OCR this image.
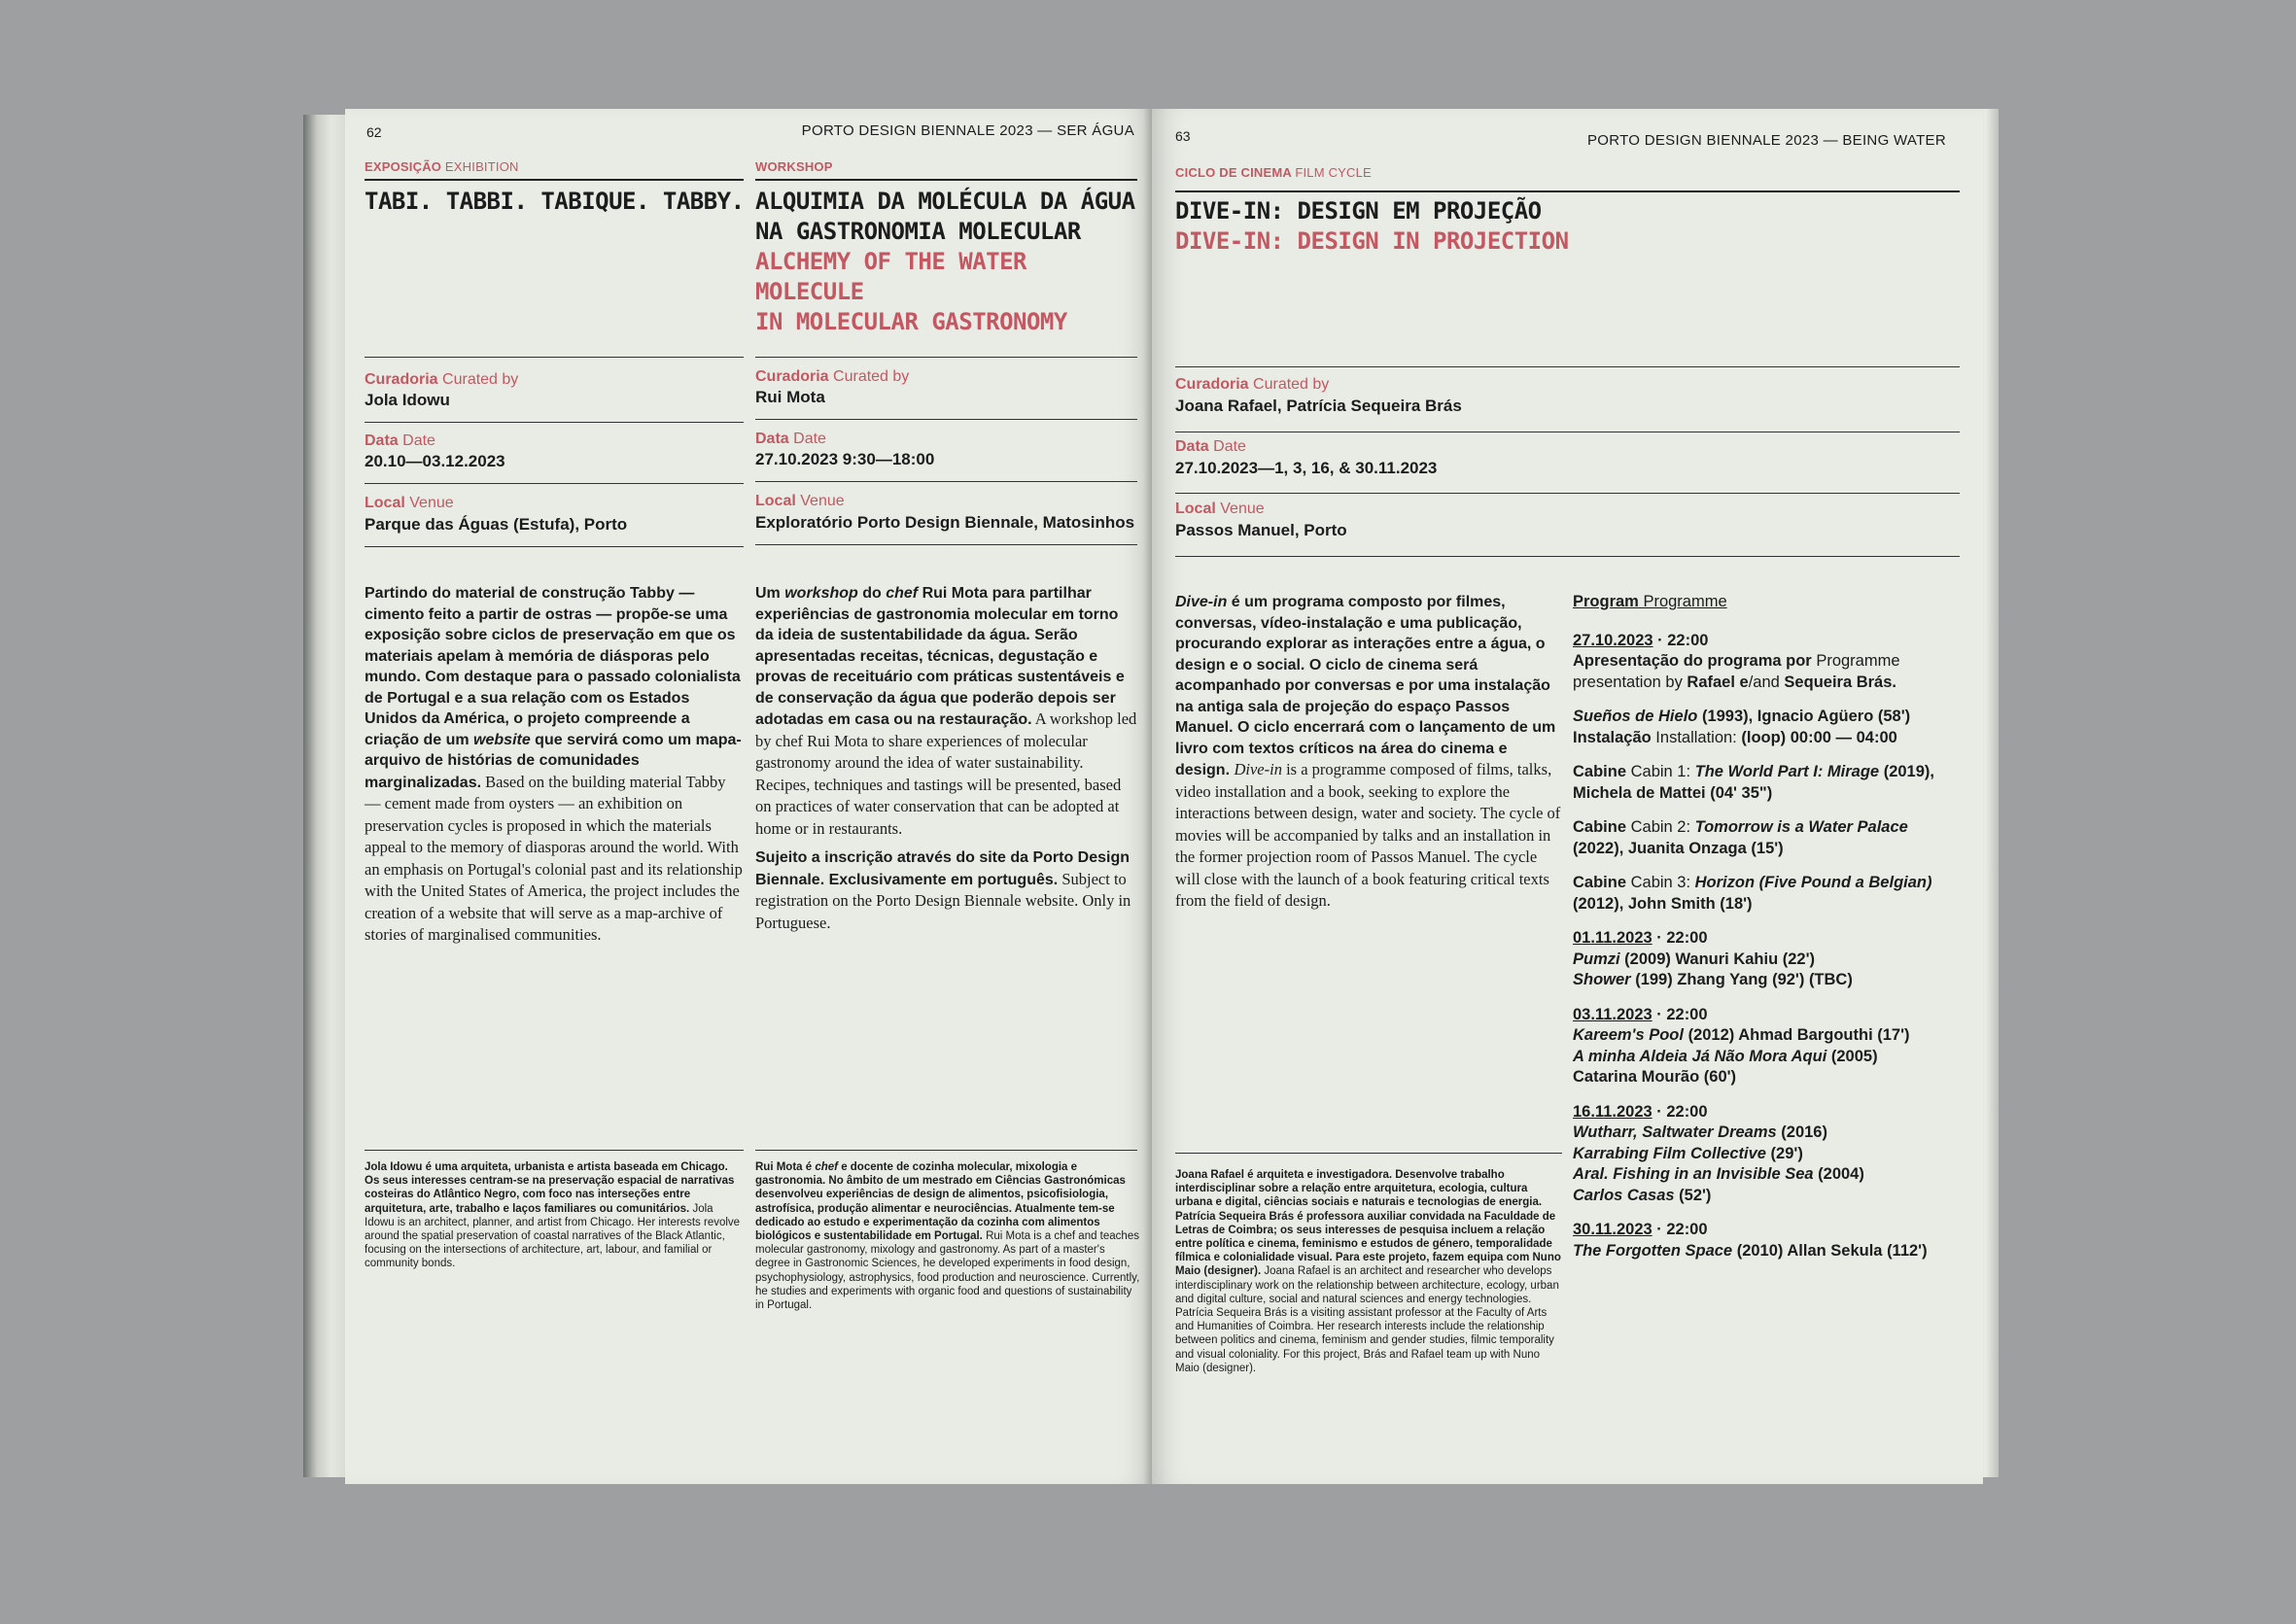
62	PORTO DESIGN BIENNALE 2023 — SER ÁGUA
EXPOSIÇÃO EXHIBITION
TABI. TABBI. TABIQUE. TABBY.
Curadoria Curated by
Jola Idowu
Data Date
20.10—03.12.2023
Local Venue
Parque das Águas (Estufa), Porto
Partindo do material de construção Tabby — cimento feito a partir de ostras — propõe-se uma exposição sobre ciclos de preservação em que os materiais apelam à memória de diásporas pelo mundo. Com destaque para o passado colonialista de Portugal e a sua relação com os Estados Unidos da América, o projeto compreende a criação de um website que servirá como um mapa-arquivo de histórias de comunidades marginalizadas. Based on the building material Tabby — cement made from oysters — an exhibition on preservation cycles is proposed in which the materials appeal to the memory of diasporas around the world. With an emphasis on Portugal's colonial past and its relationship with the United States of America, the project includes the creation of a website that will serve as a map-archive of stories of marginalised communities.
Jola Idowu é uma arquiteta, urbanista e artista baseada em Chicago. Os seus interesses centram-se na preservação espacial de narrativas costeiras do Atlântico Negro, com foco nas interseções entre arquitetura, arte, trabalho e laços familiares ou comunitários. Jola Idowu is an architect, planner, and artist from Chicago. Her interests revolve around the spatial preservation of coastal narratives of the Black Atlantic, focusing on the intersections of architecture, art, labour, and familial or community bonds.
WORKSHOP
ALQUIMIA DA MOLÉCULA DA ÁGUA
NA GASTRONOMIA MOLECULAR
ALCHEMY OF THE WATER MOLECULE
IN MOLECULAR GASTRONOMY
Curadoria Curated by
Rui Mota
Data Date
27.10.2023 9:30—18:00
Local Venue
Exploratório Porto Design Biennale, Matosinhos
Um workshop do chef Rui Mota para partilhar experiências de gastronomia molecular em torno da ideia de sustentabilidade da água. Serão apresentadas receitas, técnicas, degustação e provas de receituário com práticas sustentáveis e de conservação da água que poderão depois ser adotadas em casa ou na restauração. A workshop led by chef Rui Mota to share experiences of molecular gastronomy around the idea of water sustainability. Recipes, techniques and tastings will be presented, based on practices of water conservation that can be adopted at home or in restaurants.
Sujeito a inscrição através do site da Porto Design Biennale. Exclusivamente em português. Subject to registration on the Porto Design Biennale website. Only in Portuguese.
Rui Mota é chef e docente de cozinha molecular, mixologia e gastronomia. No âmbito de um mestrado em Ciências Gastronómicas desenvolveu experiências de design de alimentos, psicofisiologia, astrofísica, produção alimentar e neurociências. Atualmente tem-se dedicado ao estudo e experimentação da cozinha com alimentos biológicos e sustentabilidade em Portugal. Rui Mota is a chef and teaches molecular gastronomy, mixology and gastronomy. As part of a master's degree in Gastronomic Sciences, he developed experiments in food design, psychophysiology, astrophysics, food production and neuroscience. Currently, he studies and experiments with organic food and questions of sustainability in Portugal.
63	PORTO DESIGN BIENNALE 2023 — BEING WATER
CICLO DE CINEMA FILM CYCLE
DIVE-IN: DESIGN EM PROJEÇÃO
DIVE-IN: DESIGN IN PROJECTION
Curadoria Curated by
Joana Rafael, Patrícia Sequeira Brás
Data Date
27.10.2023—1, 3, 16, & 30.11.2023
Local Venue
Passos Manuel, Porto
Dive-in é um programa composto por filmes, conversas, vídeo-instalação e uma publicação, procurando explorar as interações entre a água, o design e o social. O ciclo de cinema será acompanhado por conversas e por uma instalação na antiga sala de projeção do espaço Passos Manuel. O ciclo encerrará com o lançamento de um livro com textos críticos na área do cinema e design. Dive-in is a programme composed of films, talks, video installation and a book, seeking to explore the interactions between design, water and society. The cycle of movies will be accompanied by talks and an installation in the former projection room of Passos Manuel. The cycle will close with the launch of a book featuring critical texts from the field of design.
Joana Rafael é arquiteta e investigadora. Desenvolve trabalho interdisciplinar sobre a relação entre arquitetura, ecologia, cultura urbana e digital, ciências sociais e naturais e tecnologias de energia. Patrícia Sequeira Brás é professora auxiliar convidada na Faculdade de Letras de Coimbra; os seus interesses de pesquisa incluem a relação entre política e cinema, feminismo e estudos de género, temporalidade fílmica e colonialidade visual. Para este projeto, fazem equipa com Nuno Maio (designer). Joana Rafael is an architect and researcher who develops interdisciplinary work on the relationship between architecture, ecology, urban and digital culture, social and natural sciences and energy technologies. Patrícia Sequeira Brás is a visiting assistant professor at the Faculty of Arts and Humanities of Coimbra. Her research interests include the relationship between politics and cinema, feminism and gender studies, filmic temporality and visual coloniality. For this project, Brás and Rafael team up with Nuno Maio (designer).

Program Programme

27.10.2023 · 22:00
Apresentação do programa por Programme presentation by Rafael e/and Sequeira Brás.

Sueños de Hielo (1993), Ignacio Agüero (58')
Instalação Installation: (loop) 00:00 — 04:00

Cabine Cabin 1: The World Part I: Mirage (2019), Michela de Mattei (04' 35")

Cabine Cabin 2: Tomorrow is a Water Palace (2022), Juanita Onzaga (15')

Cabine Cabin 3: Horizon (Five Pound a Belgian) (2012), John Smith (18')

01.11.2023 · 22:00
Pumzi (2009) Wanuri Kahiu (22')
Shower (199) Zhang Yang (92') (TBC)

03.11.2023 · 22:00
Kareem's Pool (2012) Ahmad Bargouthi (17')
A minha Aldeia Já Não Mora Aqui (2005)
Catarina Mourão (60')

16.11.2023 · 22:00
Wutharr, Saltwater Dreams (2016)
Karrabing Film Collective (29')
Aral. Fishing in an Invisible Sea (2004)
Carlos Casas (52')

30.11.2023 · 22:00
The Forgotten Space (2010) Allan Sekula (112')
